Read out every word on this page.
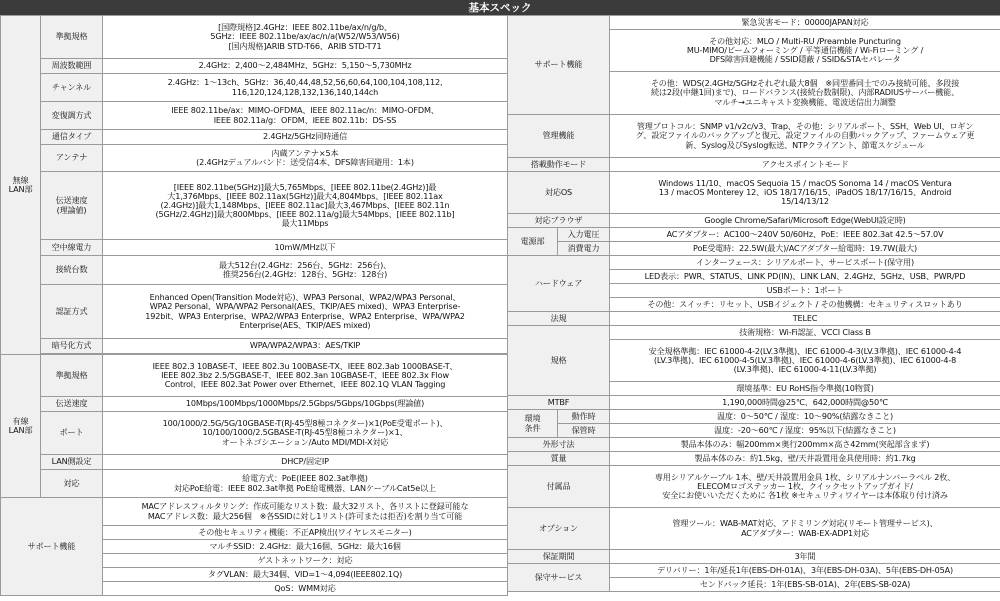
基本スペック
無線
LAN部	準拠規格	[国際規格]2.4GHz：IEEE 802.11be/ax/n/g/b、
5GHz：IEEE 802.11be/ax/ac/n/a(W52/W53/W56)
[国内規格]ARIB STD-T66、ARIB STD-T71
	周波数範囲	2.4GHz：2,400～2,484MHz、5GHz：5,150～5,730MHz
	チャンネル	2.4GHz：1～13ch、5GHz：36,40,44,48,52,56,60,64,100,104,108,112,
116,120,124,128,132,136,140,144ch
	変復調方式	IEEE 802.11be/ax：MIMO-OFDMA、IEEE 802.11ac/n：MIMO-OFDM、
IEEE 802.11a/g：OFDM、IEEE 802.11b：DS-SS
	通信タイプ	2.4GHz/5GHz同時通信
	アンテナ	内蔵アンテナ×5本
(2.4GHzデュアルバンド：送受信4本、DFS障害回避用：1本)
	伝送速度
(理論値)	[IEEE 802.11be(5GHz)]最大5,765Mbps、[IEEE 802.11be(2.4GHz)]最
大1,376Mbps、[IEEE 802.11ax(5GHz)]最大4,804Mbps、[IEEE 802.11ax
(2.4GHz)]最大1,148Mbps、[IEEE 802.11ac]最大3,467Mbps、[IEEE 802.11n
(5GHz/2.4GHz)]最大800Mbps、[IEEE 802.11a/g]最大54Mbps、[IEEE 802.11b]
最大11Mbps
	空中線電力	10mW/MHz以下
	接続台数	最大512台(2.4GHz：256台、5GHz：256台)、
推奨256台(2.4GHz：128台、5GHz：128台)
	認証方式	Enhanced Open(Transition Mode対応)、WPA3 Personal、WPA2/WPA3 Personal、
WPA2 Personal、WPA/WPA2 Personal(AES、TKIP/AES mixed)、WPA3 Enterprise-
192bit、WPA3 Enterprise、WPA2/WPA3 Enterprise、WPA2 Enterprise、WPA/WPA2
Enterprise(AES、TKIP/AES mixed)
	暗号化方式	WPA/WPA2/WPA3：AES/TKIP

有線
LAN部	準拠規格	IEEE 802.3 10BASE-T、IEEE 802.3u 100BASE-TX、IEEE 802.3ab 1000BASE-T、
IEEE 802.3bz 2.5/5GBASE-T、IEEE 802.3an 10GBASE-T、IEEE 802.3x Flow
Control、IEEE 802.3at Power over Ethernet、IEEE 802.1Q VLAN Tagging
	伝送速度	10Mbps/100Mbps/1000Mbps/2.5Gbps/5Gbps/10Gbps(理論値)
	ポート	100/1000/2.5G/5G/10GBASE-T(RJ-45型8極コネクター)×1(PoE受電ポート)、
10/100/1000/2.5GBASE-T(RJ-45型8極コネクター)×1、
オートネゴシエーション/Auto MDI/MDI-X対応
	LAN側設定	DHCP/固定IP
	対応	給電方式：PoE(IEEE 802.3at準拠)
対応PoE給電：IEEE 802.3at準拠 PoE給電機器、LANケーブルCat5e以上
サポート機能		MACアドレスフィルタリング：作成可能なリスト数：最大32リスト、各リストに登録可能な
MACアドレス数：最大256個　※各SSIDに対し1リスト(許可または拒否)を割り当て可能
		その他セキュリティ機能：不正AP検出(ワイヤレスモニター)
		マルチSSID：2.4GHz：最大16個、5GHz：最大16個
		ゲストネットワーク：対応
		タグVLAN：最大34個、VID=1～4,094(IEEE802.1Q)
		QoS：WMM対応
サポート機能		緊急災害モード：00000JAPAN対応
		その他対応：MLO / Multi-RU /Preamble Puncturing
MU-MIMO/ビームフォーミング / 平等通信機能 / Wi-Fiローミング /
DFS障害回避機能 / SSID隠蔽 / SSID&STAセパレータ
		その他：WDS(2.4GHz/5GHzそれぞれ最大8個　※同型番同士でのみ接続可能、多段接
続は2段(中継1回)まで)、ロードバランス(接続台数制限)、内部RADIUSサーバー機能、
マルチ→ユニキャスト変換機能、電波送信出力調整
管理機能		管理プロトコル：SNMP v1/v2c/v3、Trap、その他：シリアルポート、SSH、Web UI、ロギン
グ、設定ファイルのバックアップと復元、設定ファイルの自動バックアップ、ファームウェア更
新、Syslog及びSyslog転送、NTPクライアント、節電スケジュール
搭載動作モード		アクセスポイントモード
対応OS		Windows 11/10、macOS Sequoia 15 / macOS Sonoma 14 / macOS Ventura
13 / macOS Monterey 12、iOS 18/17/16/15、iPadOS 18/17/16/15、Android
15/14/13/12
対応ブラウザ		Google Chrome/Safari/Microsoft Edge(WebUI設定時)
電源部	入力電圧	ACアダプター：AC100～240V 50/60Hz、PoE：IEEE 802.3at 42.5～57.0V
	消費電力	PoE受電時：22.5W(最大)/ACアダプター給電時：19.7W(最大)
ハードウェア		インターフェース：シリアルポート、サービスポート(保守用)
		LED表示：PWR、STATUS、LINK PD(IN)、LINK LAN、2.4GHz、5GHz、USB、PWR/PD
		USBポート：1ポート
		その他：スイッチ：リセット、USBイジェクト / その他機構：セキュリティスロットあり
法規		TELEC
規格		技術規格：Wi-Fi認証、VCCI Class B
		安全規格準拠：IEC 61000-4-2(LV.3準拠)、IEC 61000-4-3(LV.3準拠)、IEC 61000-4-4
(LV.3準拠)、IEC 61000-4-5(LV.3準拠)、IEC 61000-4-6(LV.3準拠)、IEC 61000-4-8
(LV.3準拠)、IEC 61000-4-11(LV.3準拠)
		環境基準：EU RoHS指令準拠(10物質)
MTBF		1,190,000時間@25℃、642,000時間@50℃
環境
条件	動作時	温度：0～50℃ / 湿度：10～90%(結露なきこと)
	保管時	温度：-20～60℃ / 湿度：95%以下(結露なきこと)
外形寸法		製品本体のみ：幅200mm×奥行200mm×高さ42mm(突起部含まず)
質量		製品本体のみ：約1.5kg、壁/天井設置用金具使用時：約1.7kg
付属品		専用シリアルケーブル 1本、壁/天井設置用金具 1枚、シリアルナンバーラベル 2枚、
ELECOMロゴステッカー 1枚、クイックセットアップガイド/
安全にお使いいただくために 各1枚 ※セキュリティワイヤーは本体取り付け済み
オプション		管理ツール：WAB-MAT対応、アドミリング対応(リモート管理サービス)、
ACアダプター：WAB-EX-ADP1対応
保証期間		3年間
保守サービス		デリバリー：1年/延長1年(EBS-DH-01A)、3年(EBS-DH-03A)、5年(EBS-DH-05A)
		センドバック延長：1年(EBS-SB-01A)、2年(EBS-SB-02A)
